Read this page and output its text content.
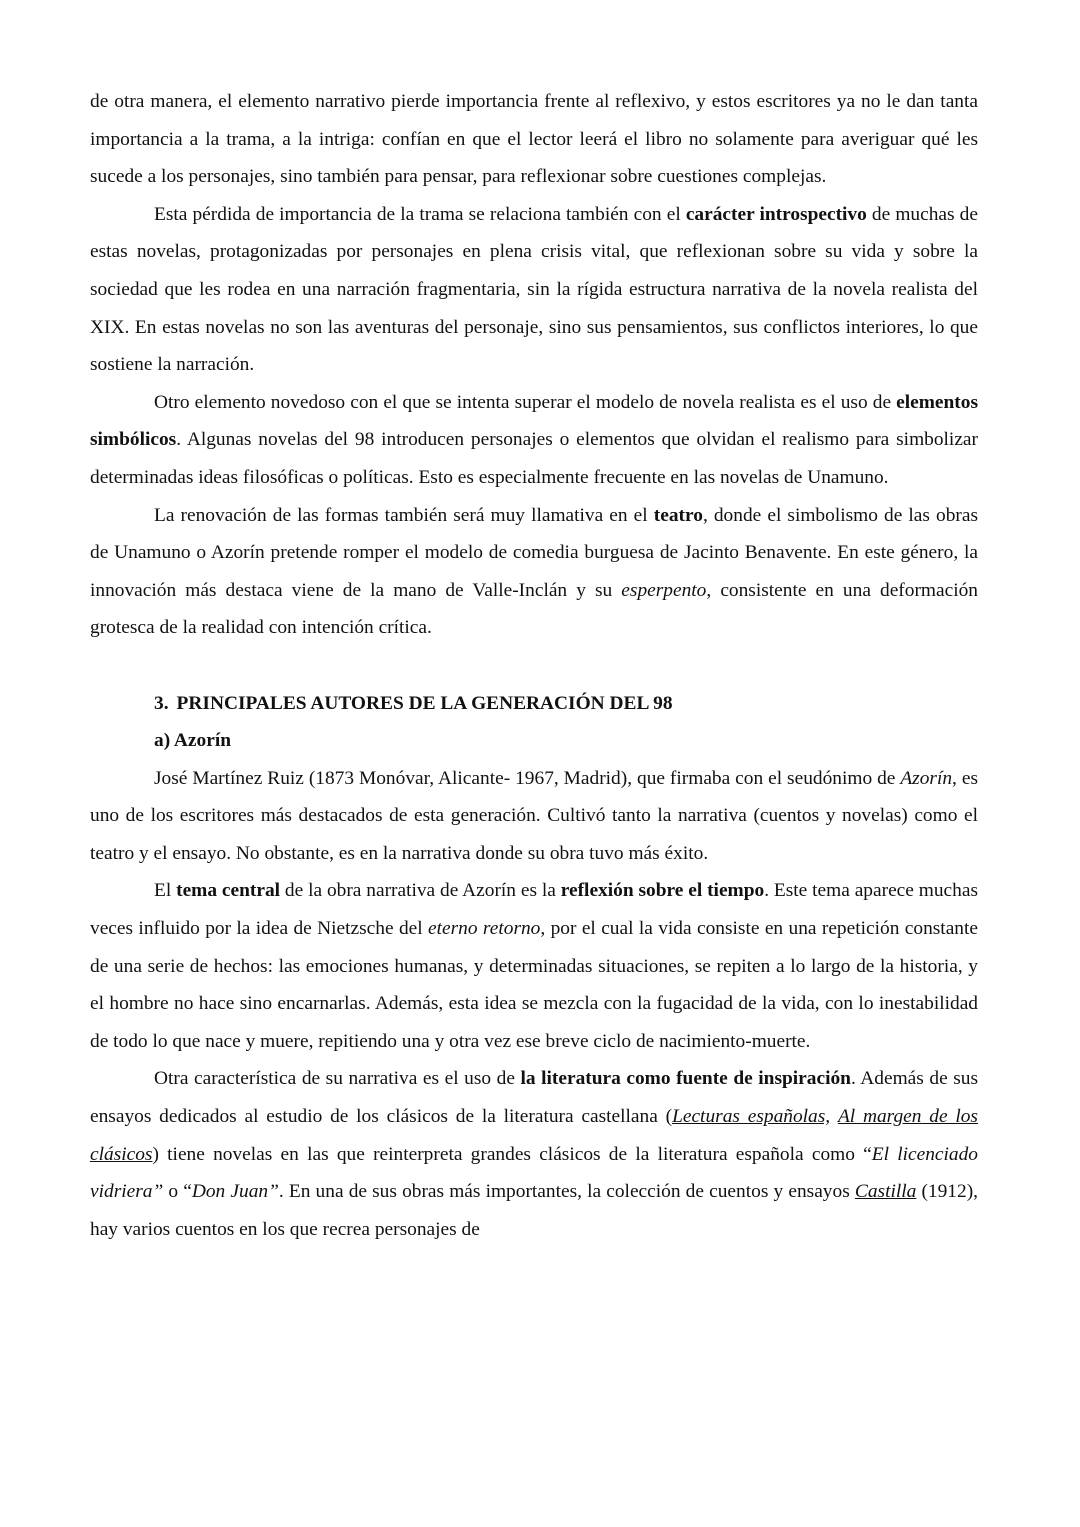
de otra manera, el elemento narrativo pierde importancia frente al reflexivo, y estos escritores ya no le dan tanta importancia a la trama, a la intriga: confían en que el lector leerá el libro no solamente para averiguar qué les sucede a los personajes, sino también para pensar, para reflexionar sobre cuestiones complejas.

Esta pérdida de importancia de la trama se relaciona también con el carácter introspectivo de muchas de estas novelas, protagonizadas por personajes en plena crisis vital, que reflexionan sobre su vida y sobre la sociedad que les rodea en una narración fragmentaria, sin la rígida estructura narrativa de la novela realista del XIX. En estas novelas no son las aventuras del personaje, sino sus pensamientos, sus conflictos interiores, lo que sostiene la narración.

Otro elemento novedoso con el que se intenta superar el modelo de novela realista es el uso de elementos simbólicos. Algunas novelas del 98 introducen personajes o elementos que olvidan el realismo para simbolizar determinadas ideas filosóficas o políticas. Esto es especialmente frecuente en las novelas de Unamuno.

La renovación de las formas también será muy llamativa en el teatro, donde el simbolismo de las obras de Unamuno o Azorín pretende romper el modelo de comedia burguesa de Jacinto Benavente. En este género, la innovación más destaca viene de la mano de Valle-Inclán y su esperpento, consistente en una deformación grotesca de la realidad con intención crítica.

3. PRINCIPALES AUTORES DE LA GENERACIÓN DEL 98

a) Azorín

José Martínez Ruiz (1873 Monóvar, Alicante- 1967, Madrid), que firmaba con el seudónimo de Azorín, es uno de los escritores más destacados de esta generación. Cultivó tanto la narrativa (cuentos y novelas) como el teatro y el ensayo. No obstante, es en la narrativa donde su obra tuvo más éxito.

El tema central de la obra narrativa de Azorín es la reflexión sobre el tiempo. Este tema aparece muchas veces influido por la idea de Nietzsche del eterno retorno, por el cual la vida consiste en una repetición constante de una serie de hechos: las emociones humanas, y determinadas situaciones, se repiten a lo largo de la historia, y el hombre no hace sino encarnarlas. Además, esta idea se mezcla con la fugacidad de la vida, con lo inestabilidad de todo lo que nace y muere, repitiendo una y otra vez ese breve ciclo de nacimiento-muerte.

Otra característica de su narrativa es el uso de la literatura como fuente de inspiración. Además de sus ensayos dedicados al estudio de los clásicos de la literatura castellana (Lecturas españolas, Al margen de los clásicos) tiene novelas en las que reinterpreta grandes clásicos de la literatura española como “El licenciado vidriera” o “Don Juan”. En una de sus obras más importantes, la colección de cuentos y ensayos Castilla (1912), hay varios cuentos en los que recrea personajes de
